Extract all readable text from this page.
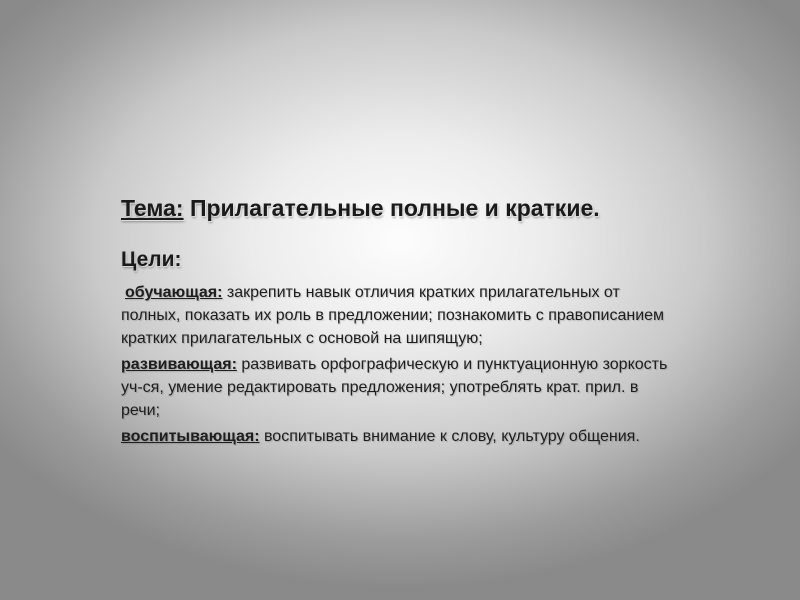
Тема: Прилагательные полные и краткие.

Цели:

обучающая: закрепить навык отличия кратких прилагательных от полных, показать их роль в предложении; познакомить с правописанием кратких прилагательных с основой на шипящую;

развивающая: развивать орфографическую и пунктуационную зоркость уч-ся, умение редактировать предложения; употреблять крат. прил. в речи;

воспитывающая: воспитывать внимание к слову, культуру общения.
